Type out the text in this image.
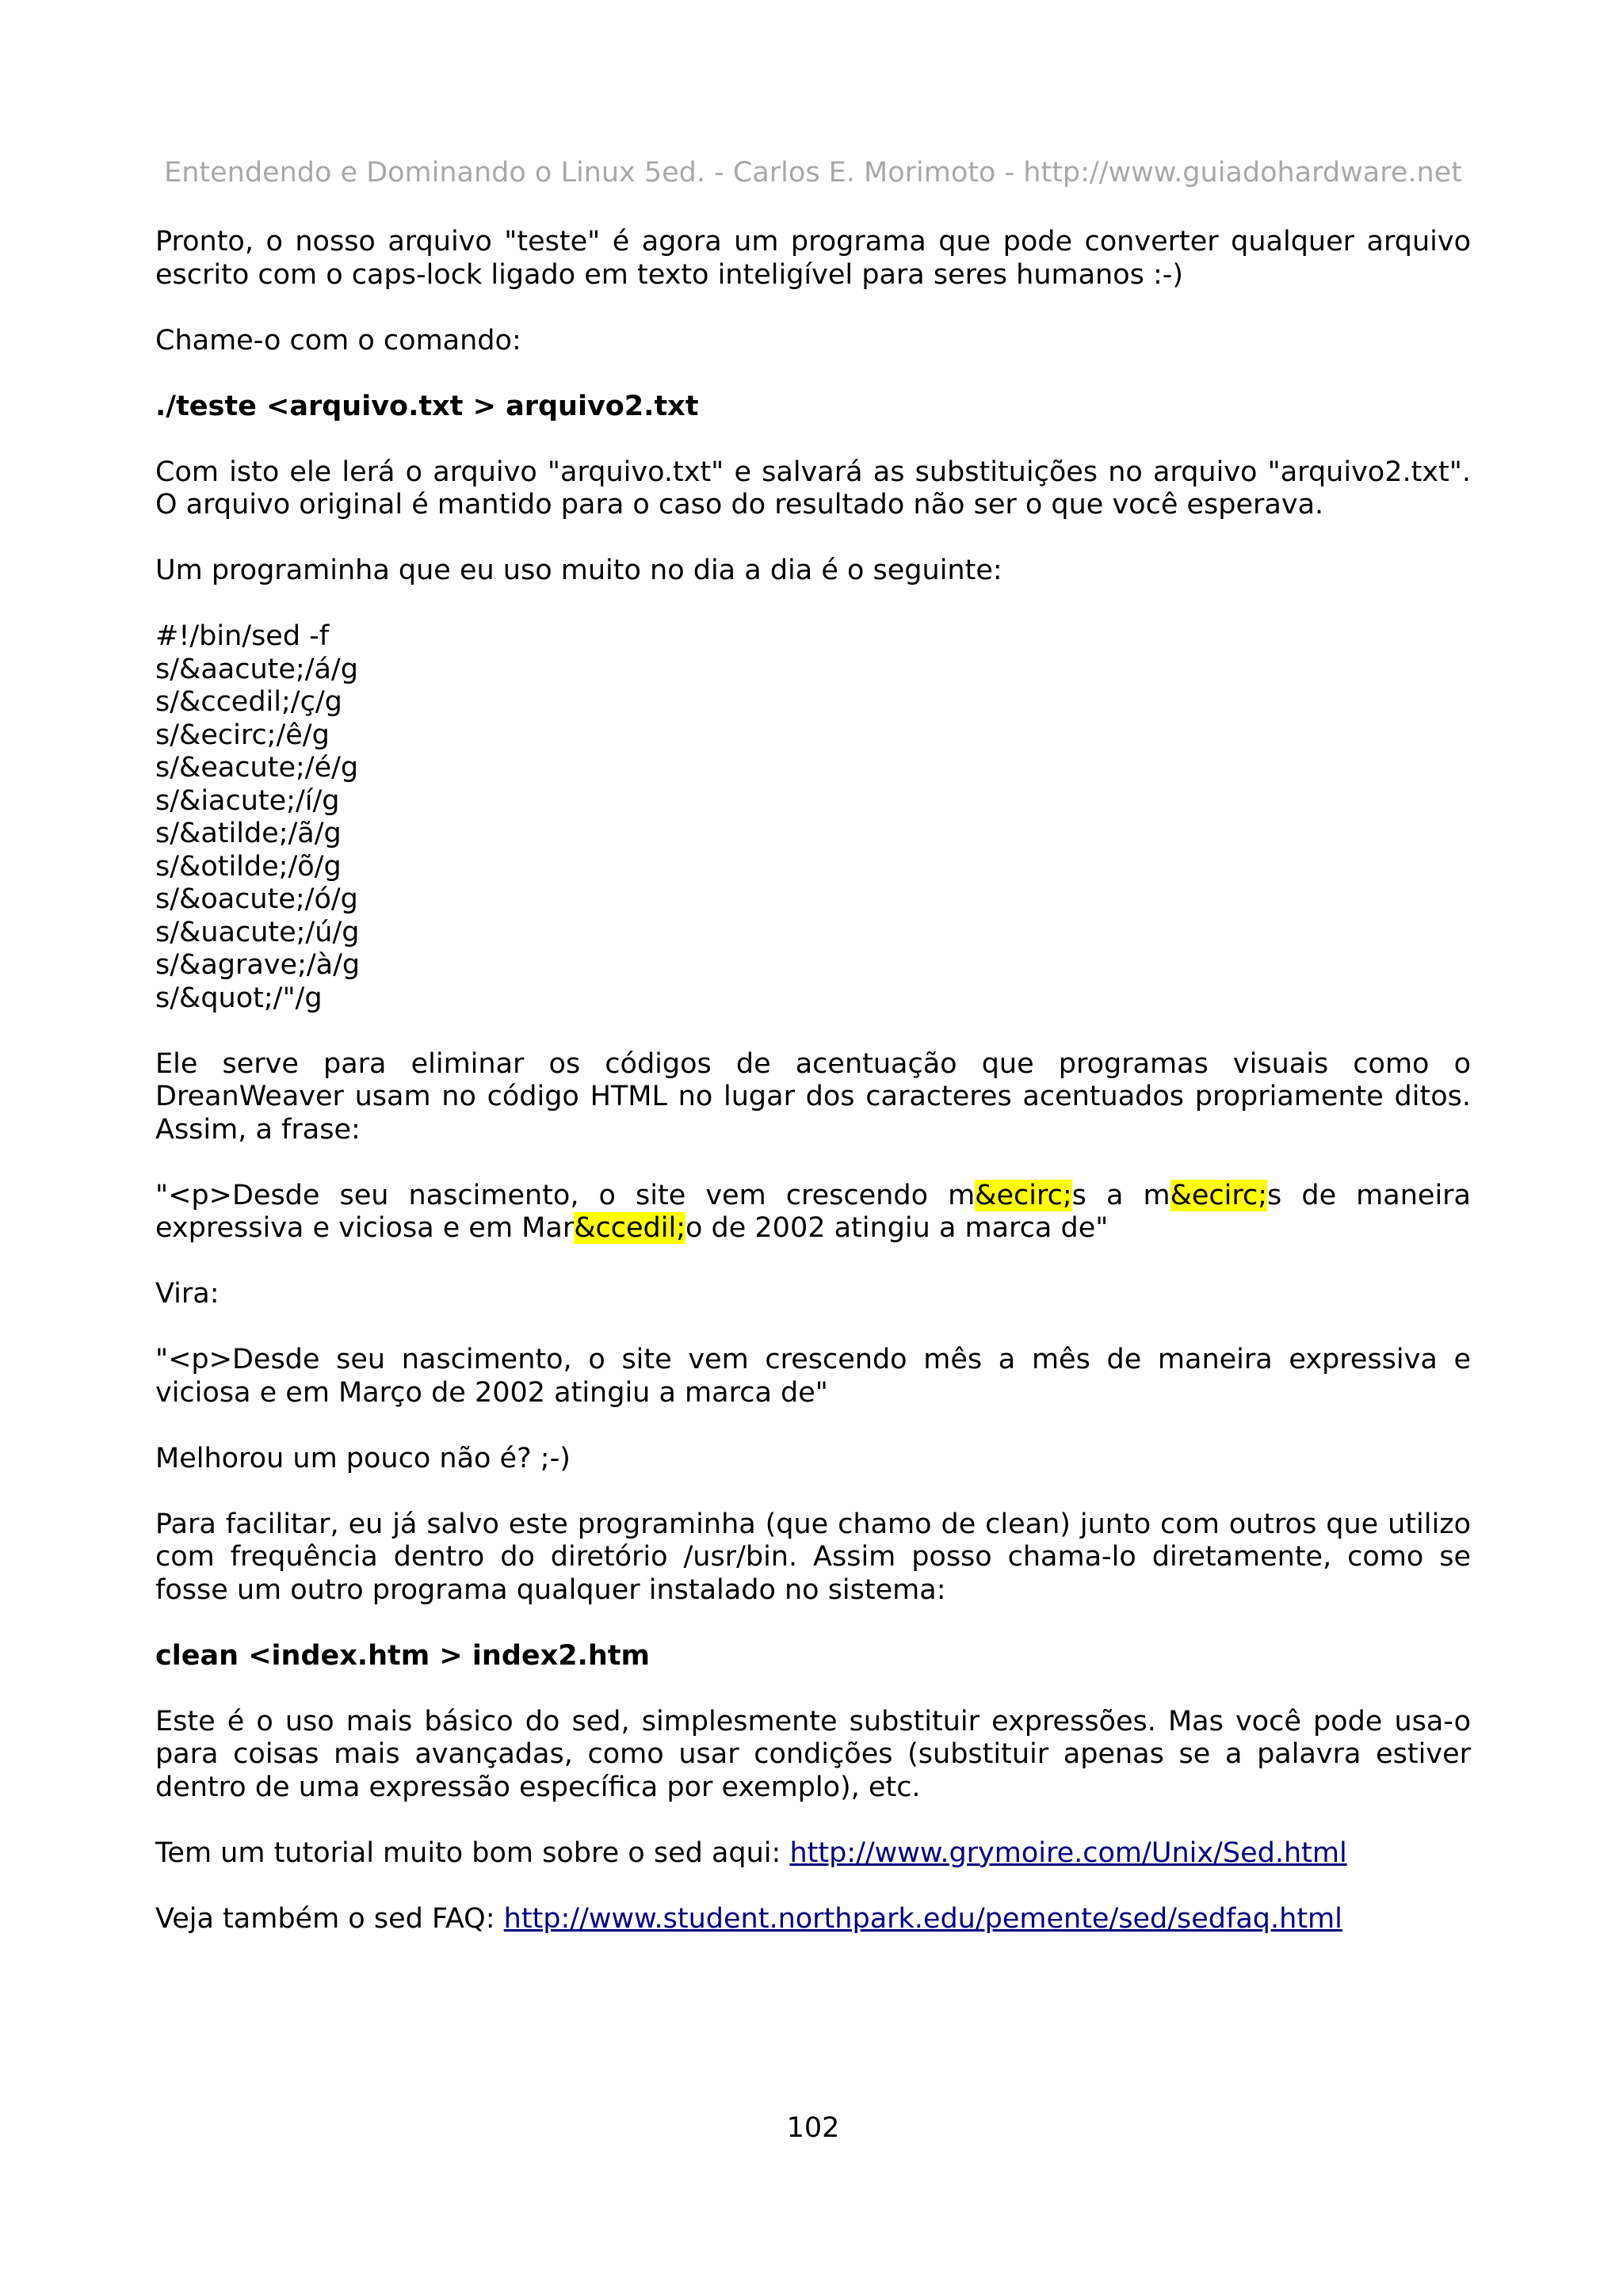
Entendendo e Dominando o Linux 5ed. - Carlos E. Morimoto - http://www.guiadohardware.net

Pronto, o nosso arquivo "teste" é agora um programa que pode converter qualquer arquivo escrito com o caps-lock ligado em texto inteligível para seres humanos :-)

Chame-o com o comando:

./teste <arquivo.txt > arquivo2.txt

Com isto ele lerá o arquivo "arquivo.txt" e salvará as substituições no arquivo "arquivo2.txt". O arquivo original é mantido para o caso do resultado não ser o que você esperava.

Um programinha que eu uso muito no dia a dia é o seguinte:

#!/bin/sed -f
s/&aacute;/á/g
s/&ccedil;/ç/g
s/&ecirc;/ê/g
s/&eacute;/é/g
s/&iacute;/í/g
s/&atilde;/ã/g
s/&otilde;/õ/g
s/&oacute;/ó/g
s/&uacute;/ú/g
s/&agrave;/à/g
s/&quot;/"/g

Ele serve para eliminar os códigos de acentuação que programas visuais como o DreanWeaver usam no código HTML no lugar dos caracteres acentuados propriamente ditos. Assim, a frase:

"<p>Desde seu nascimento, o site vem crescendo m&ecirc;s a m&ecirc;s de maneira expressiva e viciosa e em Mar&ccedil;o de 2002 atingiu a marca de"

Vira:

"<p>Desde seu nascimento, o site vem crescendo mês a mês de maneira expressiva e viciosa e em Março de 2002 atingiu a marca de"

Melhorou um pouco não é? ;-)

Para facilitar, eu já salvo este programinha (que chamo de clean) junto com outros que utilizo com frequência dentro do diretório /usr/bin. Assim posso chama-lo diretamente, como se fosse um outro programa qualquer instalado no sistema:

clean <index.htm > index2.htm

Este é o uso mais básico do sed, simplesmente substituir expressões. Mas você pode usa-o para coisas mais avançadas, como usar condições (substituir apenas se a palavra estiver dentro de uma expressão específica por exemplo), etc.

Tem um tutorial muito bom sobre o sed aqui: http://www.grymoire.com/Unix/Sed.html

Veja também o sed FAQ: http://www.student.northpark.edu/pemente/sed/sedfaq.html

102
